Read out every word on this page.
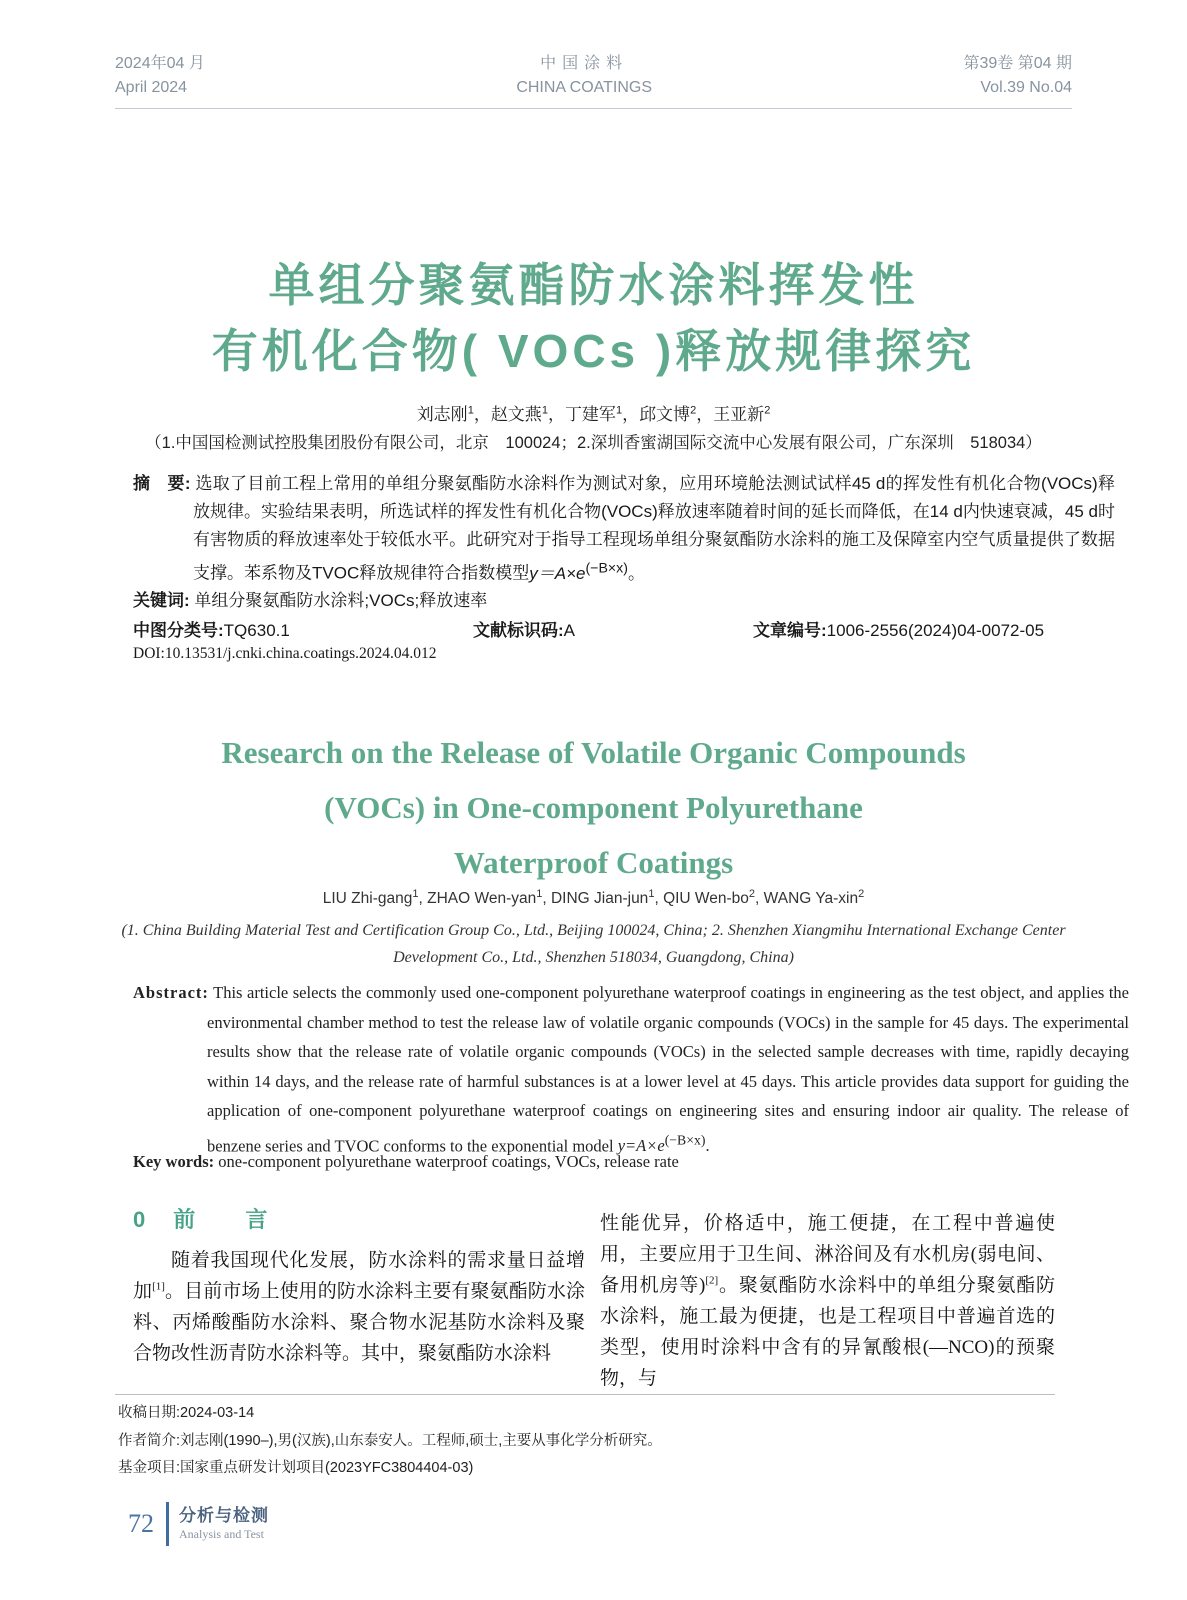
2024年04 月
April 2024
中国涂料
CHINA COATINGS
第39卷 第04 期
Vol.39 No.04
单组分聚氨酯防水涂料挥发性
有机化合物( VOCs )释放规律探究
刘志刚$^1$，赵文燕$^1$，丁建军$^1$，邱文博$^2$，王亚新$^2$
（1.中国国检测试控股集团股份有限公司，北京　100024；2.深圳香蜜湖国际交流中心发展有限公司，广东深圳　518034）
摘　要: 选取了目前工程上常用的单组分聚氨酯防水涂料作为测试对象，应用环境舱法测试试样45 d的挥发性有机化合物(VOCs)释放规律。实验结果表明，所选试样的挥发性有机化合物(VOCs)释放速率随着时间的延长而降低，在14 d内快速衰减，45 d时有害物质的释放速率处于较低水平。此研究对于指导工程现场单组分聚氨酯防水涂料的施工及保障室内空气质量提供了数据支撑。苯系物及TVOC释放规律符合指数模型$y=A\times e^{(-B\times x)}$。
关键词: 单组分聚氨酯防水涂料;VOCs;释放速率
中图分类号:TQ630.1	文献标识码:A	文章编号:1006-2556(2024)04-0072-05
DOI:10.13531/j.cnki.china.coatings.2024.04.012
Research on the Release of Volatile Organic Compounds
(VOCs) in One-component Polyurethane
Waterproof Coatings
LIU Zhi-gang$^1$, ZHAO Wen-yan$^1$, DING Jian-jun$^1$, QIU Wen-$bo^2$, WANG Ya-xin$^2$
(1. China Building Material Test and Certification Group Co., Ltd., Beijing 100024, China; 2. Shenzhen Xiangmihu International Exchange Center Development Co., Ltd., Shenzhen 518034, Guangdong, China)
Abstract: This article selects the commonly used one-component polyurethane waterproof coatings in engineering as the test object, and applies the environmental chamber method to test the release law of volatile organic compounds (VOCs) in the sample for 45 days. The experimental results show that the release rate of volatile organic compounds (VOCs) in the selected sample decreases with time, rapidly decaying within 14 days, and the release rate of harmful substances is at a lower level at 45 days. This article provides data support for guiding the application of one-component polyurethane waterproof coatings on engineering sites and ensuring indoor air quality. The release of benzene series and TVOC conforms to the exponential model $y=A\times e^{(-B\times x)}$.
Key words: one-component polyurethane waterproof coatings, VOCs, release rate
0 前 言

随着我国现代化发展，防水涂料的需求量日益增加[1]。目前市场上使用的防水涂料主要有聚氨酯防水涂料、丙烯酸酯防水涂料、聚合物水泥基防水涂料及聚合物改性沥青防水涂料等。其中，聚氨酯防水涂料

性能优异，价格适中，施工便捷，在工程中普遍使用，主要应用于卫生间、淋浴间及有水机房(弱电间、备用机房等)[2]。聚氨酯防水涂料中的单组分聚氨酯防水涂料，施工最为便捷，也是工程项目中普遍首选的类型，使用时涂料中含有的异氰酸根(—NCO)的预聚物，与

收稿日期:2024-03-14
作者简介:刘志刚(1990–),男(汉族),山东泰安人。工程师,硕士,主要从事化学分析研究。
基金项目:国家重点研发计划项目(2023YFC3804404-03)
72 分析与检测
Analysis and Test
